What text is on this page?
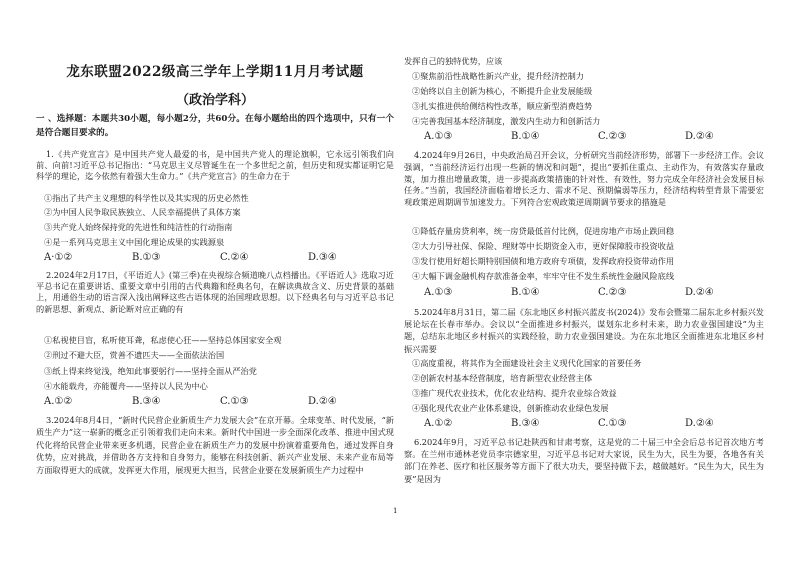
龙东联盟2022级高三学年上学期11月月考试题
（政治学科）
一 、选择题：本题共30小题，每小题2分，共60分。在每小题给出的四个选项中，只有一个是符合题目要求的。
1.《共产党宣言》是中国共产党人最爱的书，是中国共产党人的理论旗帜，它永远引领我们向前、向前!习近平总书记指出：“马克思主义尽管诞生在一个多世纪之前，但历史和现实都证明它是科学的理论，迄今依然有着强大生命力。”《共产党宣言》的生命力在于
①指出了共产主义理想的科学性以及其实现的历史必然性
②为中国人民争取民族独立、人民幸福提供了具体方案
③共产党人始终保持党的先进性和纯洁性的行动指南
④是一系列马克思主义中国化理论成果的实践源泉
A·①②	B.①③	C.②④	D.③④
2.2024年2月17日，《平语近人》(第三季)在央视综合频道晚八点档播出。《平语近人》选取习近平总书记在重要讲话、重要文章中引用的古代典籍和经典名句，在解读典故含义、历史背景的基础上，用通俗生动的语言深入浅出阐释这些古语体现的治国理政思想。以下经典名句与习近平总书记的新思想、新观点、新论断对应正确的有
①私视使目盲，私听使耳聋，私虑使心狂——坚持总体国家安全观
②刑过不避大臣，赏善不遗匹夫——全面依法治国
③纸上得来终觉浅，绝知此事要躬行——坚持全面从严治党
④水能载舟，亦能覆舟——坚持以人民为中心
A.①②	B.③④	C.①③	D.②④
3.2024年8月4日，“新时代民营企业新质生产力发展大会”在京开幕。全球变革、时代发展，“新质生产力”这一崭新的概念正引领着我们走向未来。新时代中国进一步全面深化改革、推进中国式现代化将给民营企业带来更多机遇，民营企业在新质生产力的发展中扮演着重要角色，通过发挥自身优势，应对挑战，并借助各方支持和自身努力，能够在科技创新、新兴产业发展、未来产业布局等方面取得更大的成就，发挥更大作用，展现更大担当，民营企业要在发展新质生产力过程中
发挥自己的独特优势，应该
①聚焦前沿性战略性新兴产业，提升经济控制力
②始终以自主创新为核心，不断提升企业发展能级
③扎实推进供给侧结构性改革，顺应新型消费趋势
④完善我国基本经济制度，激发内生动力和创新活力
A.①③	B.①④	C.②③	D.②④
4.2024年9月26日，中央政治局召开会议，分析研究当前经济形势，部署下一步经济工作。会议强调，“当前经济运行出现一些新的情况和问题”，提出“要抓住重点、主动作为，有效落实存量政策，加力推出增量政策，进一步提高政策措施的针对性、有效性，努力完成全年经济社会发展目标任务。”当前，我国经济面临着增长乏力、需求不足、预期偏弱等压力，经济结构转型背景下需要宏观政策逆周期调节加速发力。下列符合宏观政策逆周期调节要求的措施是
①降低存量房贷利率，统一房贷最低首付比例，促进房地产市场止跌回稳
②大力引导社保、保险、理财等中长期资金入市，更好保障股市投资收益
③发行使用好超长期特别国债和地方政府专项债，发挥政府投资带动作用
④大幅下调金融机构存款准备金率，牢牢守住不发生系统性金融风险底线
A.①③	B.①④	C.②③	D.②④
5.2024年8月31日，第二届《东北地区乡村振兴蓝皮书(2024)》发布会暨第二届东北乡村振兴发展论坛在长春市举办。会议以“全面推进乡村振兴，谋划东北乡村未来，助力农业强国建设”为主题，总结东北地区乡村振兴的实践经验，助力农业强国建设。为在东北地区全面推进东北地区乡村振兴需要
①高度重视，将其作为全面建设社会主义现代化国家的首要任务
②创新农村基本经营制度，培育新型农业经营主体
③推广现代农业技术，优化农业结构、提升农业综合效益
④强化现代农业产业体系建设，创新推动农业绿色发展
A.①②	B.③④	C.①③	D.②④
6.2024年9月，习近平总书记赴陕西和甘肃考察，这是党的二十届三中全会后总书记首次地方考察。在兰州市通林老党员李宗德家里，习近平总书记对大家说，民生为大，民生为要，各地各有关部门在养老、医疗和社区服务等方面下了很大功夫，要坚持做下去，越做越好。“民生为大，民生为要”是因为
1
